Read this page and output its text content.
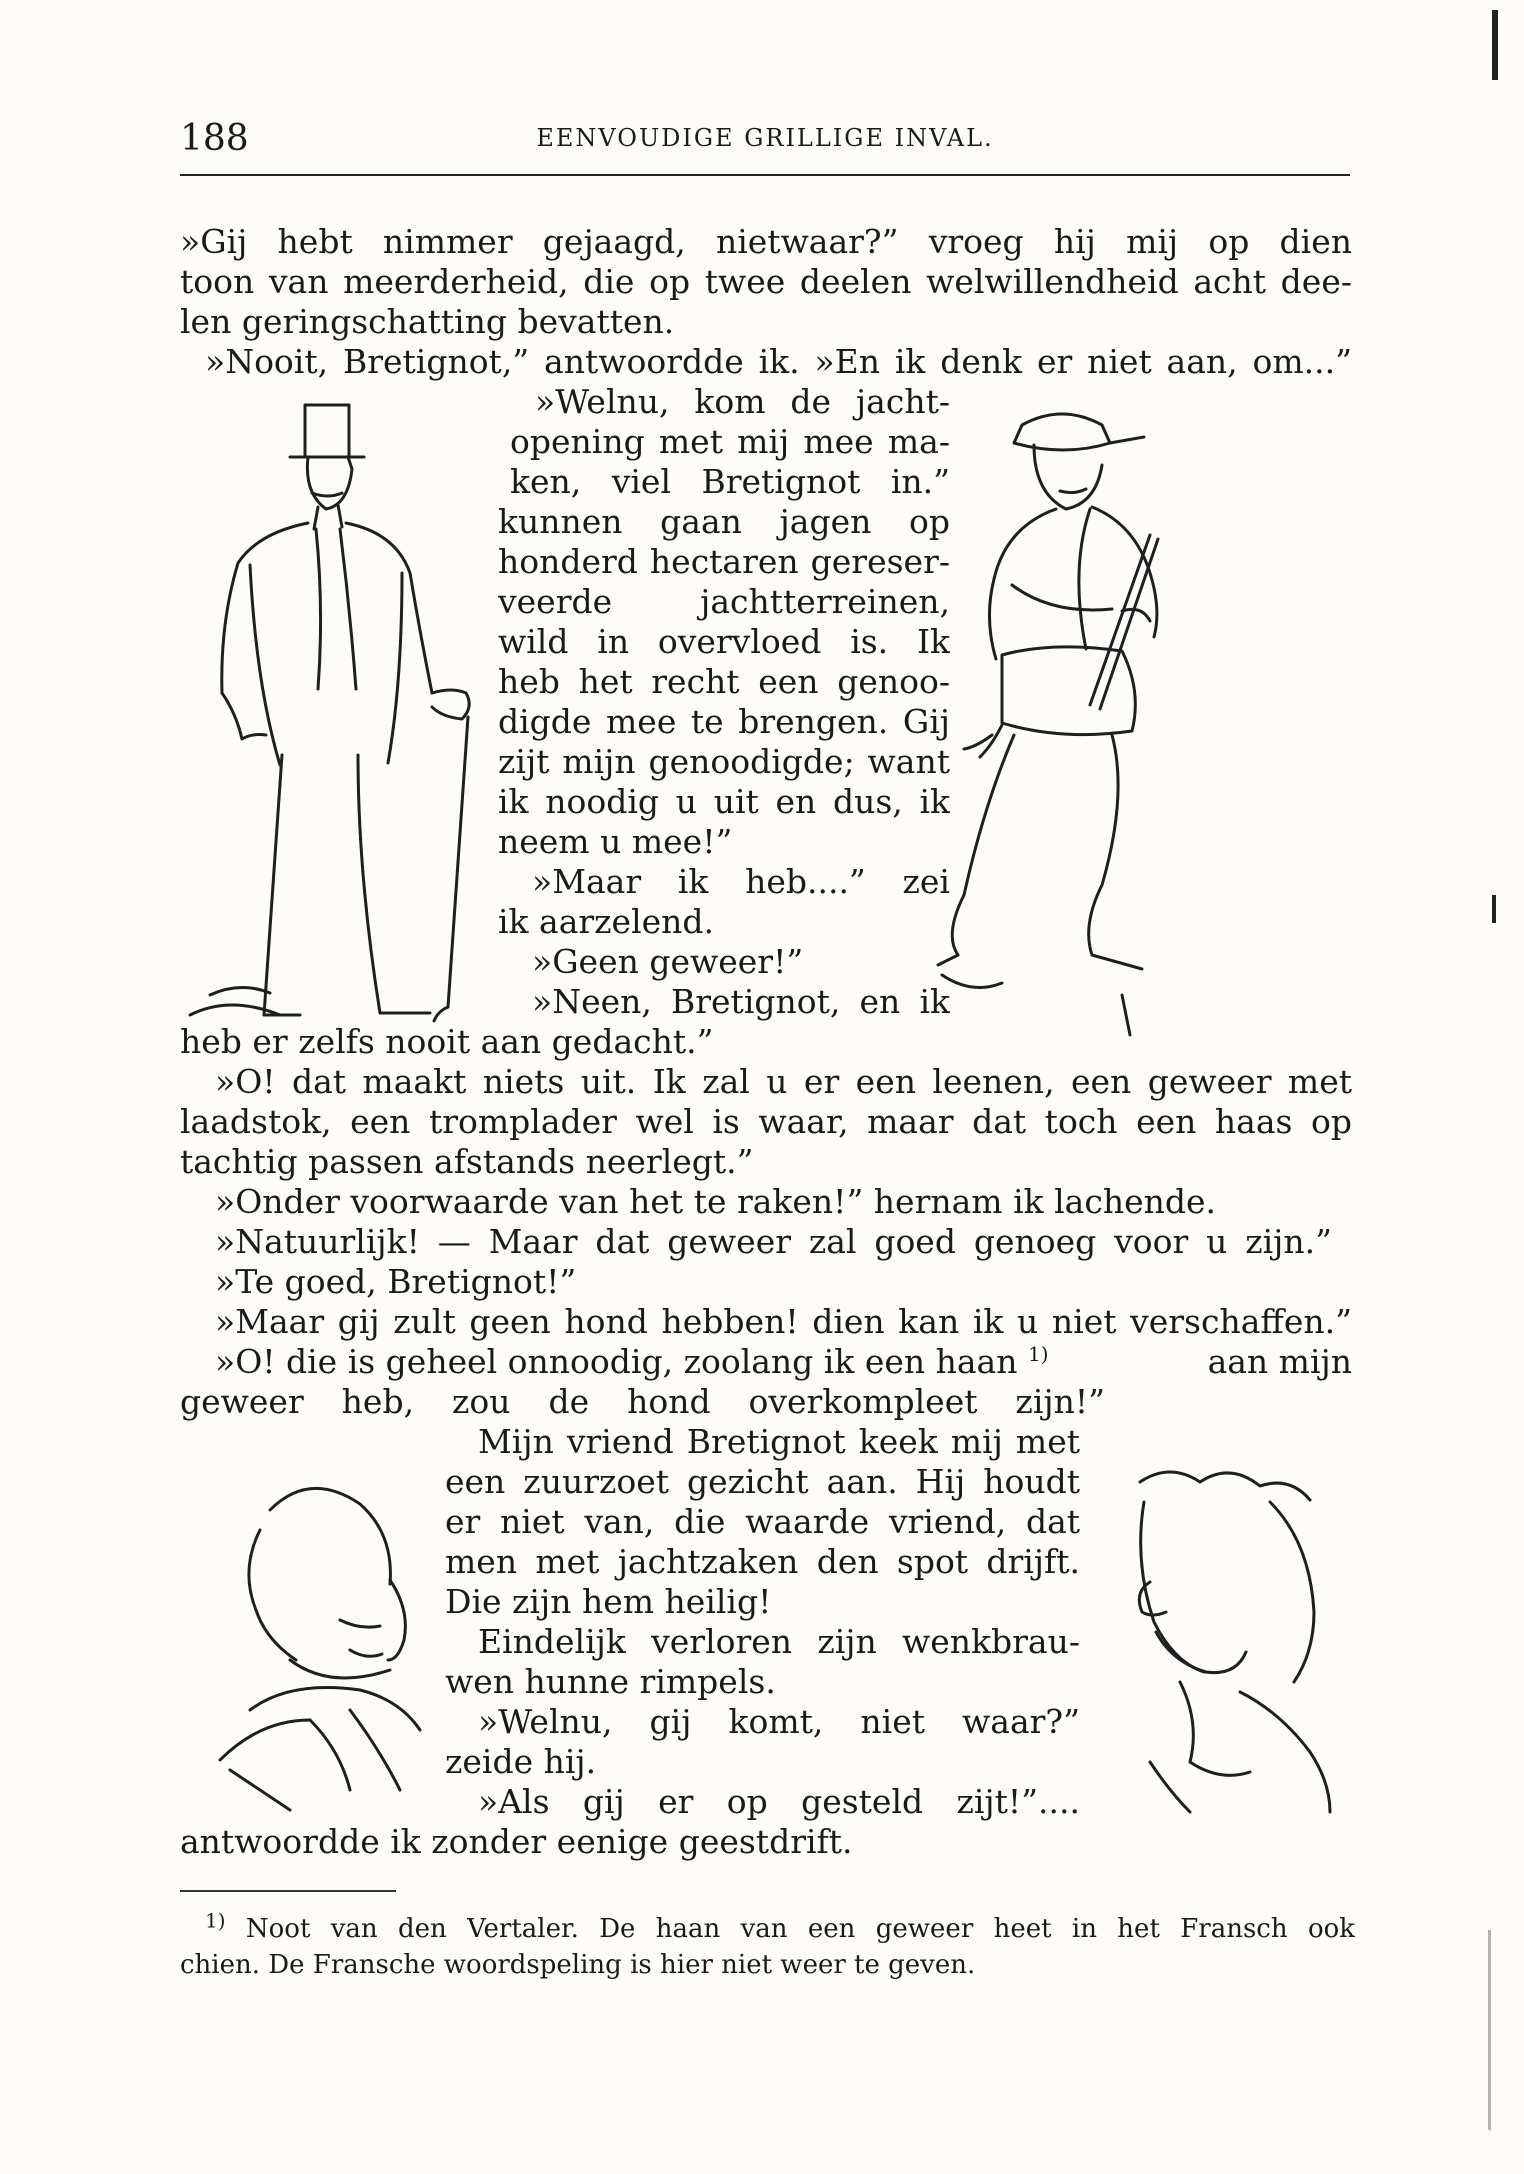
188	EENVOUDIGE GRILLIGE INVAL.
»Gij hebt nimmer gejaagd, nietwaar?” vroeg hij mij op dien
toon van meerderheid, die op twee deelen welwillendheid acht dee-
len geringschatting bevatten.
»Nooit, Bretignot,” antwoordde ik. »En ik denk er niet aan, om...”
»Welnu, kom de jacht-
opening met mij mee ma-
ken, viel Bretignot in.”
kunnen gaan jagen op
honderd hectaren gereser-
veerde jachtterreinen,
wild in overvloed is. Ik
heb het recht een genoo-
digde mee te brengen. Gij
zijt mijn genoodigde; want
ik noodig u uit en dus, ik
neem u mee!”
»Maar ik heb....” zei
ik aarzelend.
»Geen geweer!”
»Neen, Bretignot, en ik
heb er zelfs nooit aan gedacht.”
»O! dat maakt niets uit. Ik zal u er een leenen, een geweer met
laadstok, een tromplader wel is waar, maar dat toch een haas op
tachtig passen afstands neerlegt.”
»Onder voorwaarde van het te raken!” hernam ik lachende.
»Natuurlijk! — Maar dat geweer zal goed genoeg voor u zijn.”
»Te goed, Bretignot!”
»Maar gij zult geen hond hebben! dien kan ik u niet verschaffen.”
»O! die is geheel onnoodig, zoolang ik een haan $^{1)}$	aan mijn
geweer heb, zou de hond overkompleet zijn!”
Mijn vriend Bretignot keek mij met
een zuurzoet gezicht aan. Hij houdt
er niet van, die waarde vriend, dat
men met jachtzaken den spot drijft.
Die zijn hem heilig!
Eindelijk verloren zijn wenkbrau-
wen hunne rimpels.
»Welnu, gij komt, niet waar?”
zeide hij.
»Als gij er op gesteld zijt!”....
antwoordde ik zonder eenige geestdrift.
$^{1)}$ Noot van den Vertaler. De haan van een geweer heet in het Fransch ook
chien. De Fransche woordspeling is hier niet weer te geven.
